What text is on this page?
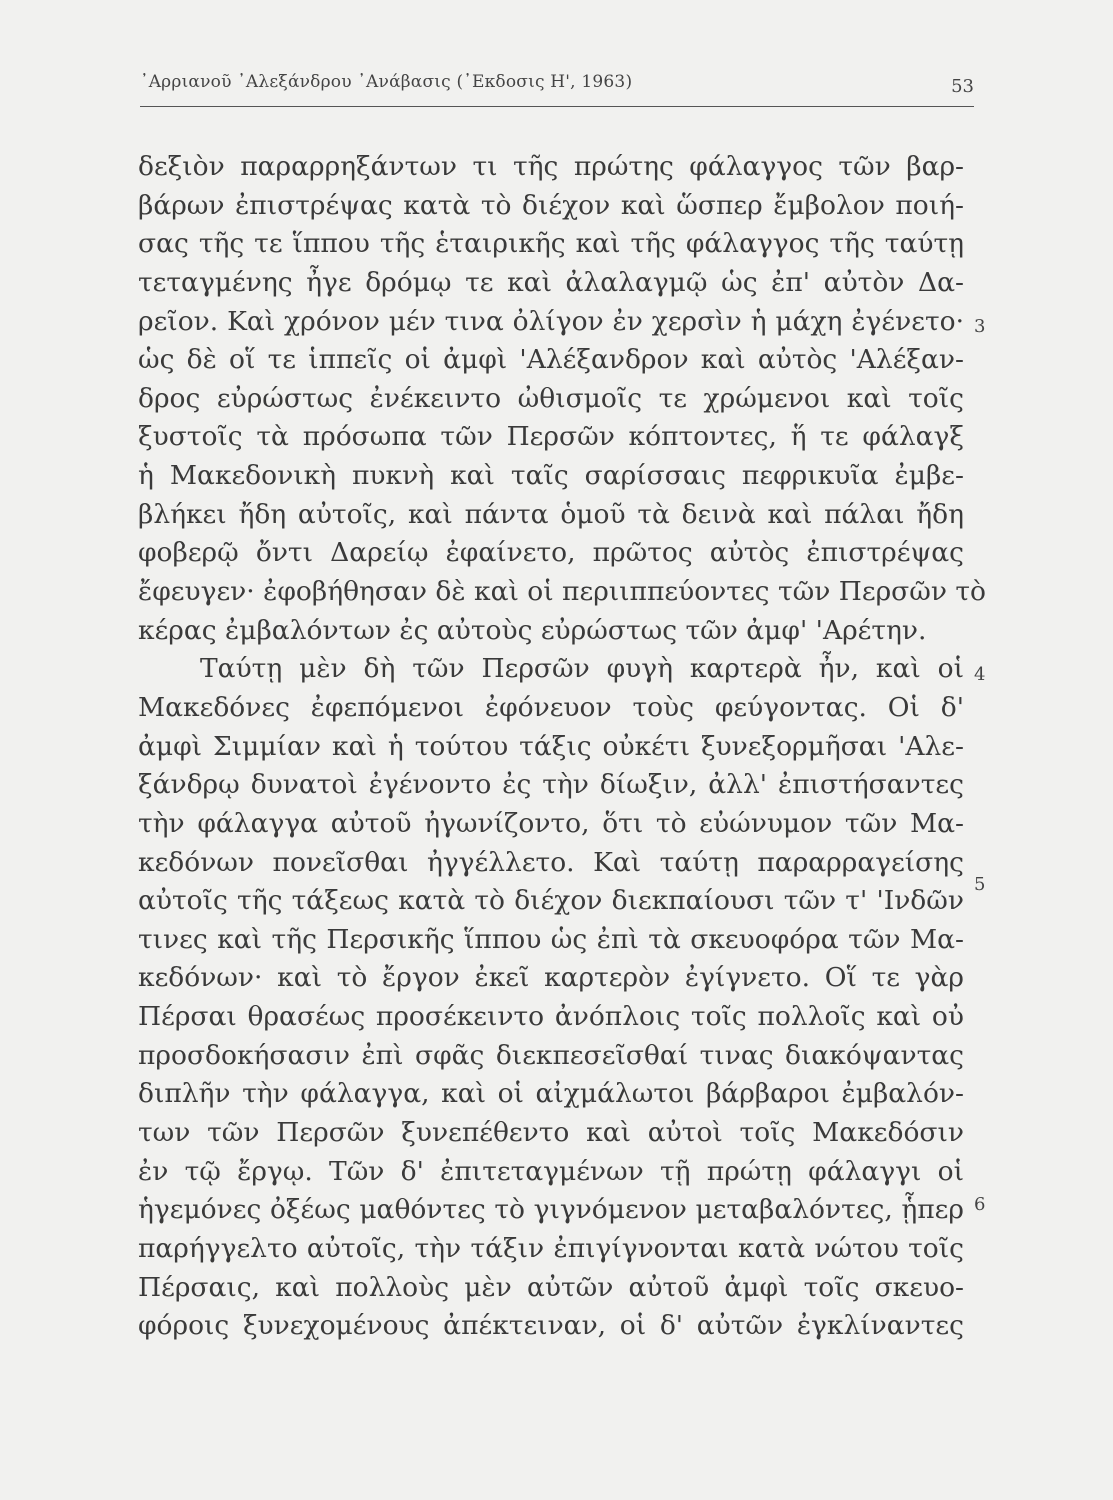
᾿Αρριανοῦ ᾿Αλεξάνδρου ᾿Ανάβασις (᾿Εκδοσις Η', 1963)	53
δεξιὸν παραρρηξάντων τι τῆς πρώτης φάλαγγος τῶν βαρ-
βάρων ἐπιστρέψας κατὰ τὸ διέχον καὶ ὥσπερ ἔμβολον ποιή-
σας τῆς τε ἵππου τῆς ἑταιρικῆς καὶ τῆς φάλαγγος τῆς ταύτῃ
τεταγμένης ἦγε δρόμῳ τε καὶ ἀλαλαγμῷ ὡς ἐπ' αὐτὸν Δα-
ρεῖον. Καὶ χρόνον μέν τινα ὀλίγον ἐν χερσὶν ἡ μάχη ἐγένετο·
ὡς δὲ οἵ τε ἱππεῖς οἱ ἀμφὶ 'Αλέξανδρον καὶ αὐτὸς 'Αλέξαν-
δρος εὐρώστως ἐνέκειντο ὠθισμοῖς τε χρώμενοι καὶ τοῖς
ξυστοῖς τὰ πρόσωπα τῶν Περσῶν κόπτοντες, ἥ τε φάλαγξ
ἡ Μακεδονικὴ πυκνὴ καὶ ταῖς σαρίσσαις πεφρικυῖα ἐμβε-
βλήκει ἤδη αὐτοῖς, καὶ πάντα ὁμοῦ τὰ δεινὰ καὶ πάλαι ἤδη
φοβερῷ ὄντι Δαρείῳ ἐφαίνετο, πρῶτος αὐτὸς ἐπιστρέψας
ἔφευγεν· ἐφοβήθησαν δὲ καὶ οἱ περιιππεύοντες τῶν Περσῶν τὸ
κέρας ἐμβαλόντων ἐς αὐτοὺς εὐρώστως τῶν ἀμφ' 'Αρέτην.
Ταύτῃ μὲν δὴ τῶν Περσῶν φυγὴ καρτερὰ ἦν, καὶ οἱ
Μακεδόνες ἐφεπόμενοι ἐφόνευον τοὺς φεύγοντας. Οἱ δ'
ἀμφὶ Σιμμίαν καὶ ἡ τούτου τάξις οὐκέτι ξυνεξορμῆσαι 'Αλε-
ξάνδρῳ δυνατοὶ ἐγένοντο ἐς τὴν δίωξιν, ἀλλ' ἐπιστήσαντες
τὴν φάλαγγα αὐτοῦ ἠγωνίζοντο, ὅτι τὸ εὐώνυμον τῶν Μα-
κεδόνων πονεῖσθαι ἠγγέλλετο. Καὶ ταύτῃ παραρραγείσης
αὐτοῖς τῆς τάξεως κατὰ τὸ διέχον διεκπαίουσι τῶν τ' 'Ινδῶν
τινες καὶ τῆς Περσικῆς ἵππου ὡς ἐπὶ τὰ σκευοφόρα τῶν Μα-
κεδόνων· καὶ τὸ ἔργον ἐκεῖ καρτερὸν ἐγίγνετο. Οἵ τε γὰρ
Πέρσαι θρασέως προσέκειντο ἀνόπλοις τοῖς πολλοῖς καὶ οὐ
προσδοκήσασιν ἐπὶ σφᾶς διεκπεσεῖσθαί τινας διακόψαντας
διπλῆν τὴν φάλαγγα, καὶ οἱ αἰχμάλωτοι βάρβαροι ἐμβαλόν-
των τῶν Περσῶν ξυνεπέθεντο καὶ αὐτοὶ τοῖς Μακεδόσιν
ἐν τῷ ἔργῳ. Τῶν δ' ἐπιτεταγμένων τῇ πρώτῃ φάλαγγι οἱ
ἡγεμόνες ὀξέως μαθόντες τὸ γιγνόμενον μεταβαλόντες, ᾗπερ
παρήγγελτο αὐτοῖς, τὴν τάξιν ἐπιγίγνονται κατὰ νώτου τοῖς
Πέρσαις, καὶ πολλοὺς μὲν αὐτῶν αὐτοῦ ἀμφὶ τοῖς σκευο-
φόροις ξυνεχομένους ἀπέκτειναν, οἱ δ' αὐτῶν ἐγκλίναντες
3
4
5
6
